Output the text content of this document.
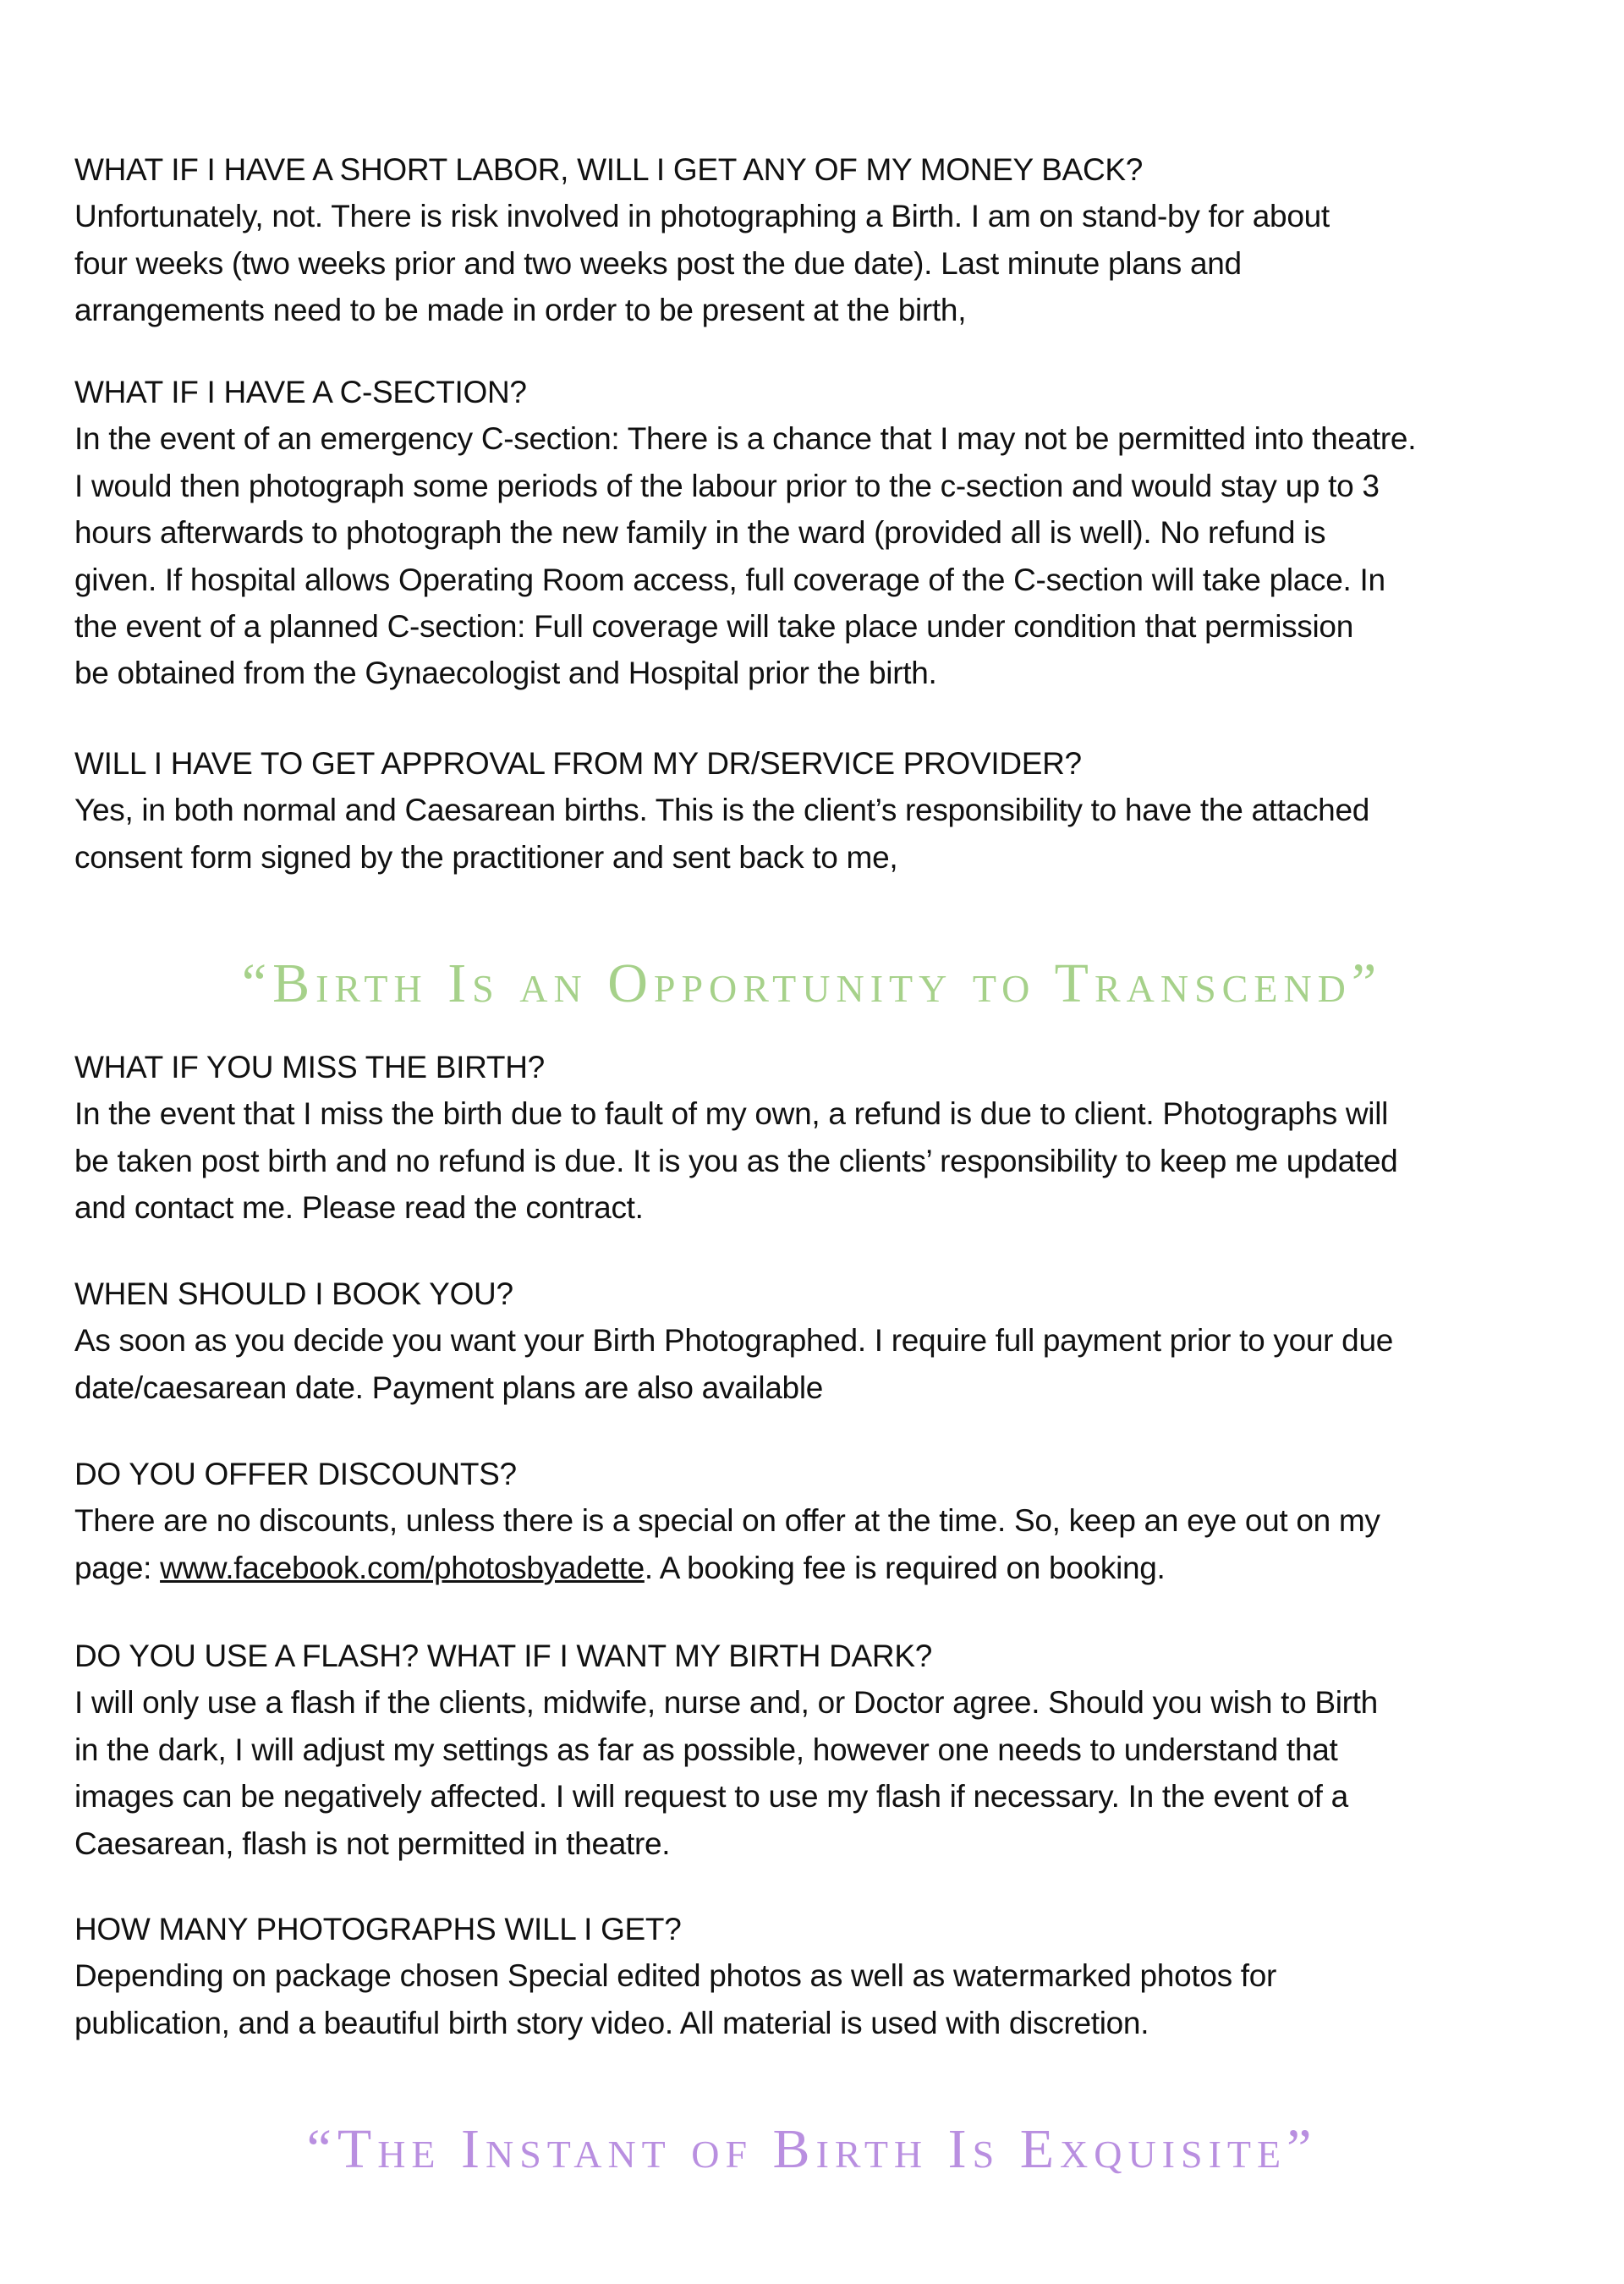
WHAT IF I HAVE A SHORT LABOR, WILL I GET ANY OF MY MONEY BACK?
Unfortunately, not. There is risk involved in photographing a Birth. I am on stand-by for about
four weeks (two weeks prior and two weeks post the due date). Last minute plans and
arrangements need to be made in order to be present at the birth,
WHAT IF I HAVE A C-SECTION?
In the event of an emergency C-section: There is a chance that I may not be permitted into theatre.
I would then photograph some periods of the labour prior to the c-section and would stay up to 3
hours afterwards to photograph the new family in the ward (provided all is well). No refund is
given. If hospital allows Operating Room access, full coverage of the C-section will take place. In
the event of a planned C-section: Full coverage will take place under condition that permission
be obtained from the Gynaecologist and Hospital prior the birth.
WILL I HAVE TO GET APPROVAL FROM MY DR/SERVICE PROVIDER?
Yes, in both normal and Caesarean births. This is the client’s responsibility to have the attached
consent form signed by the practitioner and sent back to me,
WHAT IF YOU MISS THE BIRTH?
In the event that I miss the birth due to fault of my own, a refund is due to client. Photographs will
be taken post birth and no refund is due. It is you as the clients’ responsibility to keep me updated
and contact me. Please read the contract.
WHEN SHOULD I BOOK YOU?
As soon as you decide you want your Birth Photographed. I require full payment prior to your due
date/caesarean date. Payment plans are also available
DO YOU OFFER DISCOUNTS?
There are no discounts, unless there is a special on offer at the time. So, keep an eye out on my
page: www.facebook.com/photosbyadette. A booking fee is required on booking.
DO YOU USE A FLASH? WHAT IF I WANT MY BIRTH DARK?
I will only use a flash if the clients, midwife, nurse and, or Doctor agree. Should you wish to Birth
in the dark, I will adjust my settings as far as possible, however one needs to understand that
images can be negatively affected. I will request to use my flash if necessary. In the event of a
Caesarean, flash is not permitted in theatre.
HOW MANY PHOTOGRAPHS WILL I GET?
Depending on package chosen Special edited photos as well as watermarked photos for
publication, and a beautiful birth story video. All material is used with discretion.
“Birth Is an Opportunity to Transcend”
“The Instant of Birth Is Exquisite”
